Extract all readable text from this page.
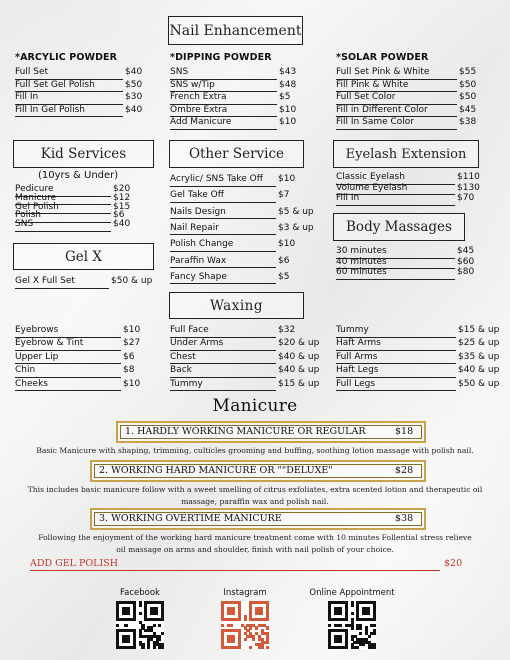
Nail Enhancement
*ARCYLIC POWDER	*DIPPING POWDER	*SOLAR POWDER
Full Set	$40
Full Set Gel Polish	$50
Fill In	$30
Fill In Gel Polish	$40
SNS	$43
SNS w/Tip	$48
French Extra	$5
Ombre Extra	$10
Add Manicure	$10
Full Set Pink & White	$55
Fill Pink & White	$50
Full Set Color	$50
Fill in Different Color	$45
Fill In Same Color	$38
Kid Services
(10yrs & Under)
Pedicure	$20
Manicure	$12
Gel Polish	$15
Polish	$6
SNS	$40
Other Service
Acrylic/ SNS Take Off	$10
Gel Take Off	$7
Nails Design	$5 & up
Nail Repair	$3 & up
Polish Change	$10
Paraffin Wax	$6
Fancy Shape	$5
Eyelash Extension
Classic Eyelash	$110
Volume Eyelash	$130
Fill In	$70
Body Massages
30 minutes	$45
40 minutes	$60
60 minutes	$80
Gel X
Gel X Full Set	$50 & up
Waxing
Eyebrows	$10
Eyebrow & Tint	$27
Upper Lip	$6
Chin	$8
Cheeks	$10
Full Face	$32
Under Arms	$20 & up
Chest	$40 & up
Back	$40 & up
Tummy	$15 & up
Tummy	$15 & up
Haft Arms	$25 & up
Full Arms	$35 & up
Haft Legs	$40 & up
Full Legs	$50 & up
Manicure
1. HARDLY WORKING MANICURE OR REGULAR	$18
Basic Manicure with shaping, trimming, culticles grooming and buffing, soothing lotion massage with polish nail.
2. WORKING HARD MANICURE OR ""DELUXE"	$28
This includes basic manicure follow with a sweet smelling of citrus exfoliates, extra scented lotion and therapeutic oil
massage, paraffin wax and polish nail.
3. WORKING OVERTIME MANICURE	$38
Following the enjoyment of the working hard manicure treatment come with 10 minutes Follential stress relieve
oil massage on arms and shoulder, finish with nail polish of your choice.
ADD GEL POLISH	$20
Facebook	Instagram	Online Appointment
